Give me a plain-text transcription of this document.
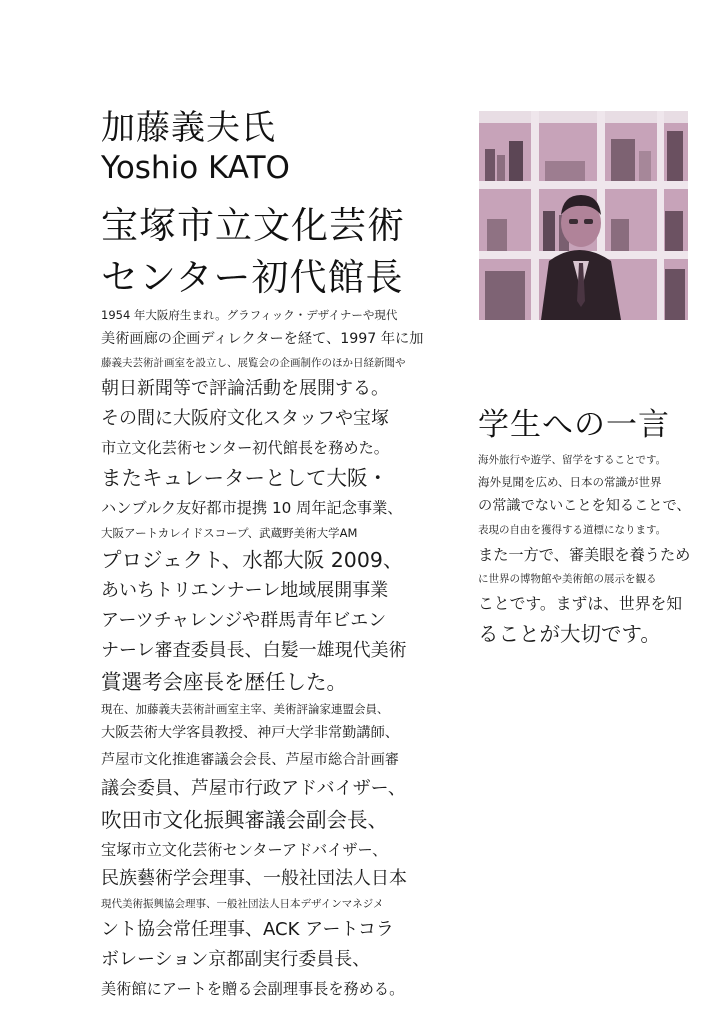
加藤義夫氏
Yoshio KATO
宝塚市立文化芸術
センター初代館長
1954 年大阪府生まれ。グラフィック・デザイナーや現代
美術画廊の企画ディレクターを経て、1997 年に加
藤義夫芸術計画室を設立し、展覧会の企画制作のほか日経新聞や
朝日新聞等で評論活動を展開する。
その間に大阪府文化スタッフや宝塚
市立文化芸術センター初代館長を務めた。
またキュレーターとして大阪・
ハンブルク友好都市提携 10 周年記念事業、
大阪アートカレイドスコープ、武蔵野美術大学AM
プロジェクト、水都大阪 2009、
あいちトリエンナーレ地域展開事業
アーツチャレンジや群馬青年ビエン
ナーレ審査委員長、白髪一雄現代美術
賞選考会座長を歴任した。
現在、加藤義夫芸術計画室主宰、美術評論家連盟会員、
大阪芸術大学客員教授、神戸大学非常勤講師、
芦屋市文化推進審議会会長、芦屋市総合計画審
議会委員、芦屋市行政アドバイザー、
吹田市文化振興審議会副会長、
宝塚市立文化芸術センターアドバイザー、
民族藝術学会理事、一般社団法人日本
現代美術振興協会理事、一般社団法人日本デザインマネジメ
ント協会常任理事、ACK アートコラ
ボレーション京都副実行委員長、
美術館にアートを贈る会副理事長を務める。
学生への一言
海外旅行や遊学、留学をすることです。
海外見聞を広め、日本の常識が世界
の常識でないことを知ることで、
表現の自由を獲得する道標になります。
また一方で、審美眼を養うため
に世界の博物館や美術館の展示を観る
ことです。まずは、世界を知
ることが大切です。
